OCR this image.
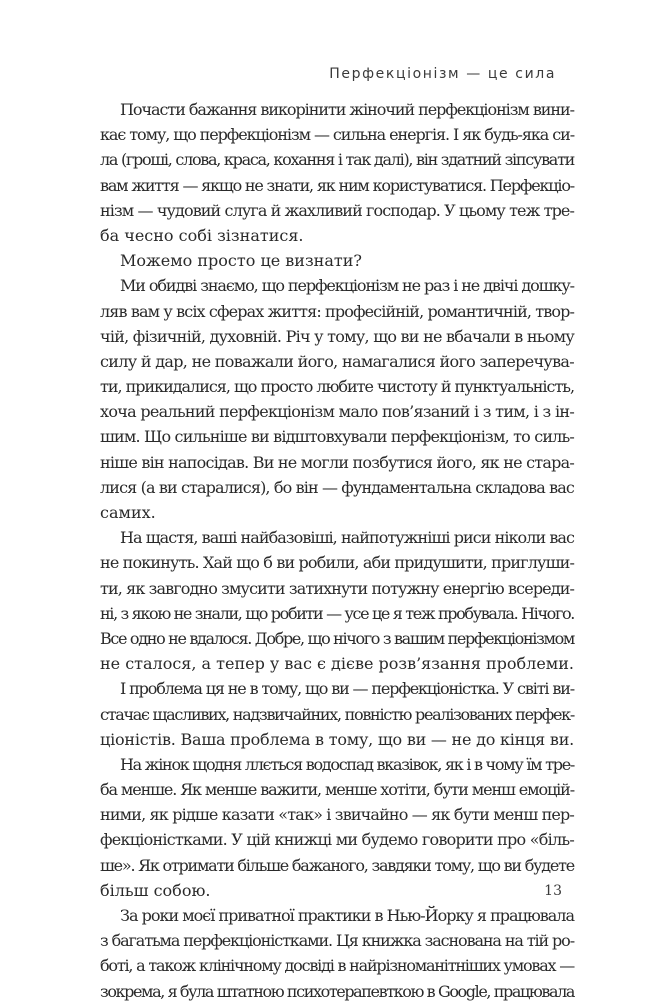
Перфекціонізм — це сила
Почасти бажання викорінити жіночий перфекціонізм вини-
кає тому, що перфекціонізм — сильна енергія. І як будь-яка си-
ла (гроші, слова, краса, кохання і так далі), він здатний зіпсувати
вам життя — якщо не знати, як ним користуватися. Перфекціо-
нізм — чудовий слуга й жахливий господар. У цьому теж тре-
ба чесно собі зізнатися.
Можемо просто це визнати?
Ми обидві знаємо, що перфекціонізм не раз і не двічі дошку-
ляв вам у всіх сферах життя: професійній, романтичній, твор-
чій, фізичній, духовній. Річ у тому, що ви не вбачали в ньому
силу й дар, не поважали його, намагалися його заперечува-
ти, прикидалися, що просто любите чистоту й пунктуальність,
хоча реальний перфекціонізм мало пов’язаний і з тим, і з ін-
шим. Що сильніше ви відштовхували перфекціонізм, то силь-
ніше він напосідав. Ви не могли позбутися його, як не стара-
лися (а ви старалися), бо він — фундаментальна складова вас
самих.
На щастя, ваші найбазовіші, найпотужніші риси ніколи вас
не покинуть. Хай що б ви робили, аби придушити, приглуши-
ти, як завгодно змусити затихнути потужну енергію всереди-
ні, з якою не знали, що робити — усе це я теж пробувала. Нічого.
Все одно не вдалося. Добре, що нічого з вашим перфекціонізмом
не сталося, а тепер у вас є дієве розв’язання проблеми.
І проблема ця не в тому, що ви — перфекціоністка. У світі ви-
стачає щасливих, надзвичайних, повністю реалізованих перфек-
ціоністів. Ваша проблема в тому, що ви — не до кінця ви.
На жінок щодня ллється водоспад вказівок, як і в чому їм тре-
ба менше. Як менше важити, менше хотіти, бути менш емоцій-
ними, як рідше казати «так» і звичайно — як бути менш пер-
фекціоністками. У цій книжці ми будемо говорити про «біль-
ше». Як отримати більше бажаного, завдяки тому, що ви будете
більш собою.
За роки моєї приватної практики в Нью-Йорку я працювала
з багатьма перфекціоністками. Ця книжка заснована на тій ро-
боті, а також клінічному досвіді в найрізноманітніших умовах —
зокрема, я була штатною психотерапевткою в Google, працювала
13
